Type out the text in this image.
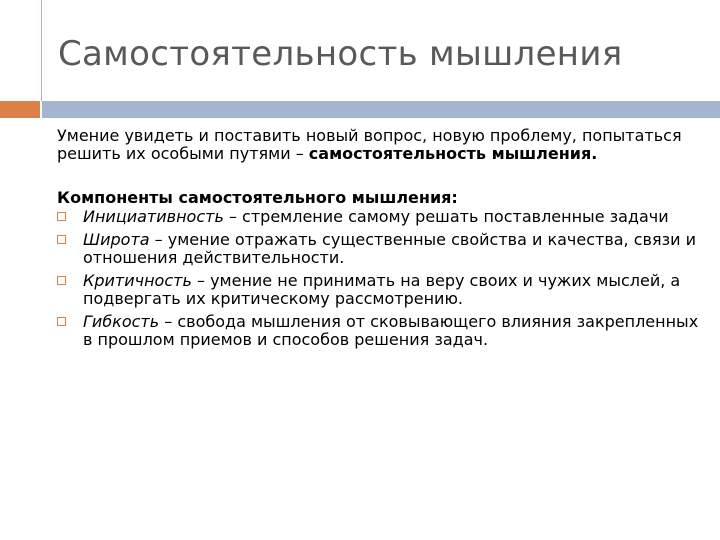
Самостоятельность мышления

Умение увидеть и поставить новый вопрос, новую проблему, попытаться решить их особыми путями – самостоятельность мышления.

Компоненты самостоятельного мышления:
Инициативность – стремление самому решать поставленные задачи
Широта – умение отражать существенные свойства и качества, связи и отношения действительности.
Критичность – умение не принимать на веру своих и чужих мыслей, а подвергать их критическому рассмотрению.
Гибкость – свобода мышления от сковывающего влияния закрепленных в прошлом приемов и способов решения задач.
